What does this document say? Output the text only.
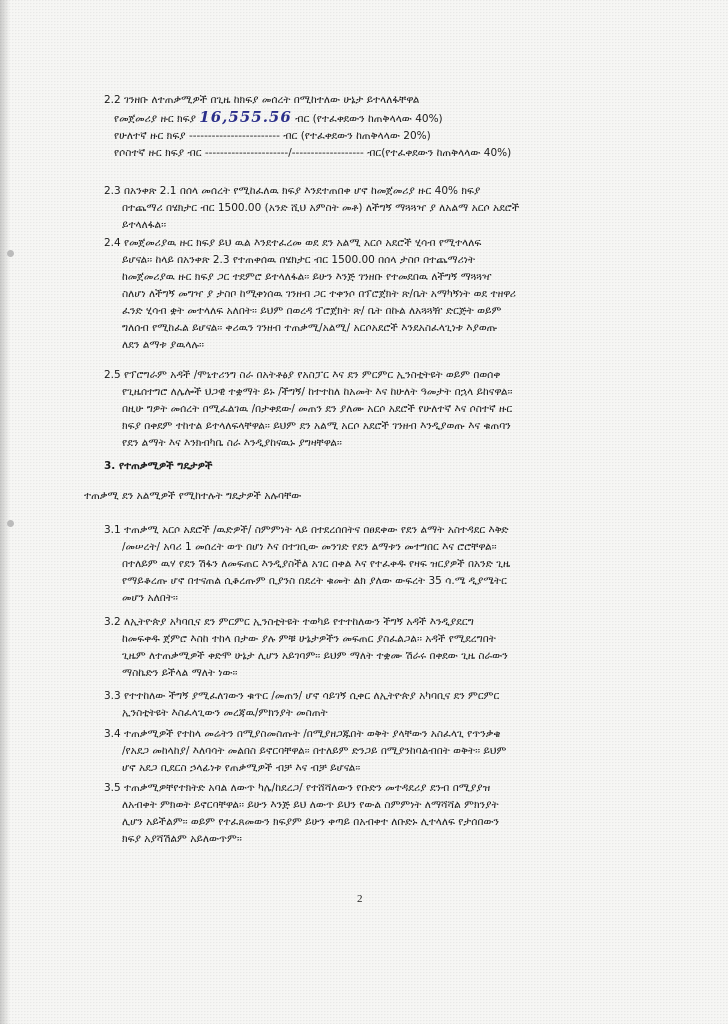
2.2 ገንዘቡ ለተጠቃሚዎች በጊዜ ከክፍያ መሰረት በሚከተለው ሁኔታ ይተላለፋቸዋል
የመጀመሪያ ዙር ክፍያ 16,555.56 ብር (የተፈቀደውን ከጠቅላላው 40%)
የሁለተኛ ዙር ክፍያ ------------------------ ብር (የተፈቀደውን ከጠቅላላው 20%)
የሶስተኛ ዙር ክፍያ ብር ----------------------/------------------- ብር(የተፈቀደውን ከጠቅላላው 40%)
2.3 በአንቀጽ 2.1 በሰላ መሰረት የሚከፈለዉ ክፍያ እንደተጠበቀ ሆኖ ከመጀመሪያ ዙር 40% ክፍያ
በተጨማሪ በሄክታር ብር 1500.00 (አንድ ሺህ አምስት መቶ) ለችግኝ ማጓጓዣ ያ ለአልማ አርሶ አደሮች
ይተላለፋል፡፡
2.4 የመጀመሪያዉ ዙር ክፍያ ይህ ዉል እንደተፈረመ ወደ ደን አልሚ አርሶ አደሮች ሂሳብ የሚተላለፍ
ይሆናል፡፡ ከላይ በአንቀጽ 2.3 የተጠቀሰዉ በሄክታር ብር 1500.00 በሰላ ታስቦ በተጨማሪነት
ከመጀመሪያዉ ዙር ክፍያ ጋር ተደምሮ ይተላለፋል፡፡ ይሁን እንጅ ገንዘቡ የተመደበዉ ለችግኝ ማጓጓዣ
ስለሆነ ለችግኝ መግዣ ያ ታስቦ ከሚቀነሰዉ ገንዘብ ጋር ተቀንሶ በፕሮጀክት ጽ/ቤት አማካኝነት ወደ ተዘዋሪ
ፈንድ ሂሳብ ቋት መተላለፍ አለበት፡፡ ይህም በወረዳ ፕሮጀክት ጽ/ ቤት በኩል ለአጓጓዥ ድርጅት ወይም
ግለሰብ የሚከፈል ይሆናል፡፡ ቀሪዉን ገንዘብ ተጠቃሚ/አልሚ/ አርሶአደሮች እንደአስፈላጊነቱ እያወጡ
ለደን ልማቱ ያዉላሉ፡፡
2.5 የፕሮግራም አዳች /ሞኒተሪንግ ስራ በአትቶፅያ የአስፓር እና ደን ምርምር ኢንስቲትዩት ወይም በወሰቀ
የጊዜሰተግሮ ለሌሎች ህጋዊ ተቋማት ይኑ /ችግኝ/ ከተተከለ ከአመት እና ከሁለት ዓመታት በኋላ ይከናዋል፡፡
በዚሁ ግዎት መሰረት በሚፈልገዉ /በታቀደው/ መጠን ደን ያለሙ አርሶ አደሮች የሁለተኛ እና ሶስተኛ ዙር
ክፍያ በቀደም ተከተል ይተላለፍላቸዋል፡፡ ይህም ደን አልሚ አርሶ አደሮች ገንዘብ እንዲያወጡ እና ቁጠባን
የደን ልማት እና እንክብካቤ ስራ እንዲያከናዉኑ ያግዛቸዋል፡፡
3. የተጠቃሚዎች ግዴታዎች
ተጠቃሚ ደን አልሚዎች የሚከተሉት ግዴታዎች አሉባቸው
3.1 ተጠቃሚ አርሶ አደሮች /ዉድዎች/ ስምምነት ላይ በተደረሰበትና በፀደቀው የደን ልማት አስተዳደር እቅድ
/መሠረት/ አባሪ 1 መሰረት ወጥ በሆነ እና በተገቢው መንገድ የደን ልማቱን መተግበር እና ሮሮቸዋል፡፡
በተለይም ዉሃ የደን ሽፋን ለመፍጠር እንዲያስችል አገር በቀል እና የተፈቀዱ የዛፍ ዝርያዎች በአንድ ጊዜ
የማይቆረጡ ሆኖ በተናጠል ሲቆረጡም ቢያንስ በደረት ቁመት ልክ ያለው ውፍረት 35 ሳ.ሜ ዲያሜትር
መሆን አለበት፡፡
3.2 ለኢትዮጵያ አካባቢና ደን ምርምር ኢንስቲትዩት ተወካይ የተተከለውን ችግኝ አዳች እንዲያደርግ
ከመፍቀዱ ጀምሮ እስከ ተከላ በታው ያሉ ምቹ ሁኔታዎችን መፍጠር ያስፈልጋል፡፡ አዳች የሚደረግበት
ጊዜም ለተጠቃሚዎች ቀድሞ ሁኔታ ሊሆን አይገባም፡፡ ይህም ማለት ተቋሙ ሽራሩ በቀደው ጊዜ ስራውን
ማስኬድን ይችላል ማለት ነው፡፡
3.3 የተተከለው ችግኝ ያሚፈለገውን ቁጥር /መጠን/ ሆኖ ሳይገኝ ሲቀር ለኢትዮጵያ አካባቢና ደን ምርምር
ኢንስቲትዩት እስፈላጊውን መረጃዉ/ምክንያት መስጠት
3.4 ተጠቃሚዎች የተከላ መሬትን በሚያስመስጡት /በሚያዘጋጁበት ወቅት ያላቸውን አስፈላጊ የጥንቃቄ
/የአደጋ መከላከያ/ እለባሳት መልበስ ይኖርባቸዋል፡፡ በተለይም ድንጋይ በሚያንከባልብበት ወቅት፡፡ ይህም
ሆኖ አደጋ ቢደርስ ኃላፊነቱ የጠቃሚዎች ብቻ እና ብቻ ይሆናል፡፡
3.5 ተጠቃሚዎቸየተክትድ አባል ለውጥ ካሌ/ከደረጋ/ የተሸሻለውን የቡድን መተዳደሪያ ደንብ በሚያያዝ
ለአብቀት ምክወት ይኖርባቸዋል፡፡ ይሁን እንጅ ይህ ለውጥ ይህን የውል ስምምነት ለማሻሻል ምክንያት
ሊሆን አይችልም፡፡ ወይም የተፈጸመውን ክፍያም ይሁን ቀጣይ በአብቀተ ለቡድኑ ሊተላለፍ የታሰበውን
ክፍያ አያሻሽልም አይለውጥም፡፡
2
